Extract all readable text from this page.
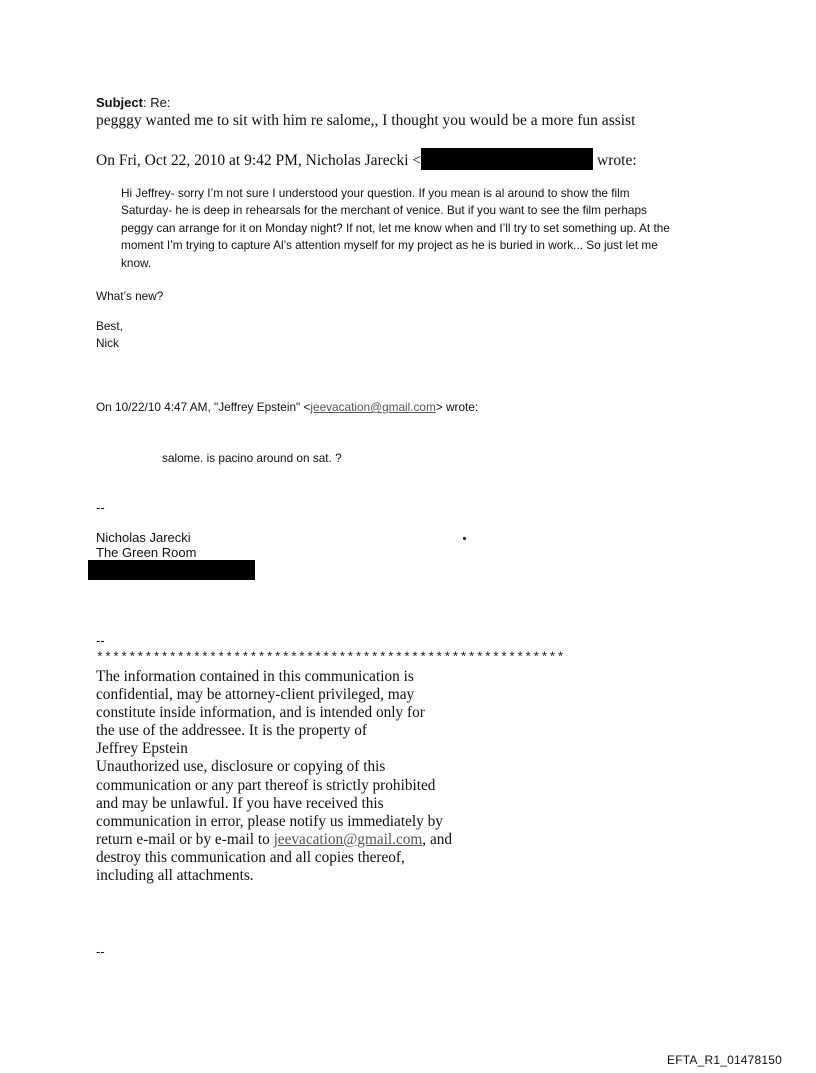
Subject: Re:
pegggy wanted me to sit with him re salome,, I thought you would be a more fun assist
On Fri, Oct 22, 2010 at 9:42 PM, Nicholas Jarecki <	wrote:
Hi Jeffrey- sorry I’m not sure I understood your question. If you mean is al around to show the film
Saturday- he is deep in rehearsals for the merchant of venice. But if you want to see the film perhaps
peggy can arrange for it on Monday night? If not, let me know when and I’ll try to set something up. At the
moment I’m trying to capture Al’s attention myself for my project as he is buried in work... So just let me
know.
What’s new?
Best,
Nick
On 10/22/10 4:47 AM, "Jeffrey Epstein" <jeevacation@gmail.com> wrote:
salome. is pacino around on sat. ?
--
Nicholas Jarecki
The Green Room
--
**********************************************************
The information contained in this communication is
confidential, may be attorney-client privileged, may
constitute inside information, and is intended only for
the use of the addressee. It is the property of
Jeffrey Epstein
Unauthorized use, disclosure or copying of this
communication or any part thereof is strictly prohibited
and may be unlawful. If you have received this
communication in error, please notify us immediately by
return e-mail or by e-mail to jeevacation@gmail.com, and
destroy this communication and all copies thereof,
including all attachments.
--
EFTA_R1_01478150
